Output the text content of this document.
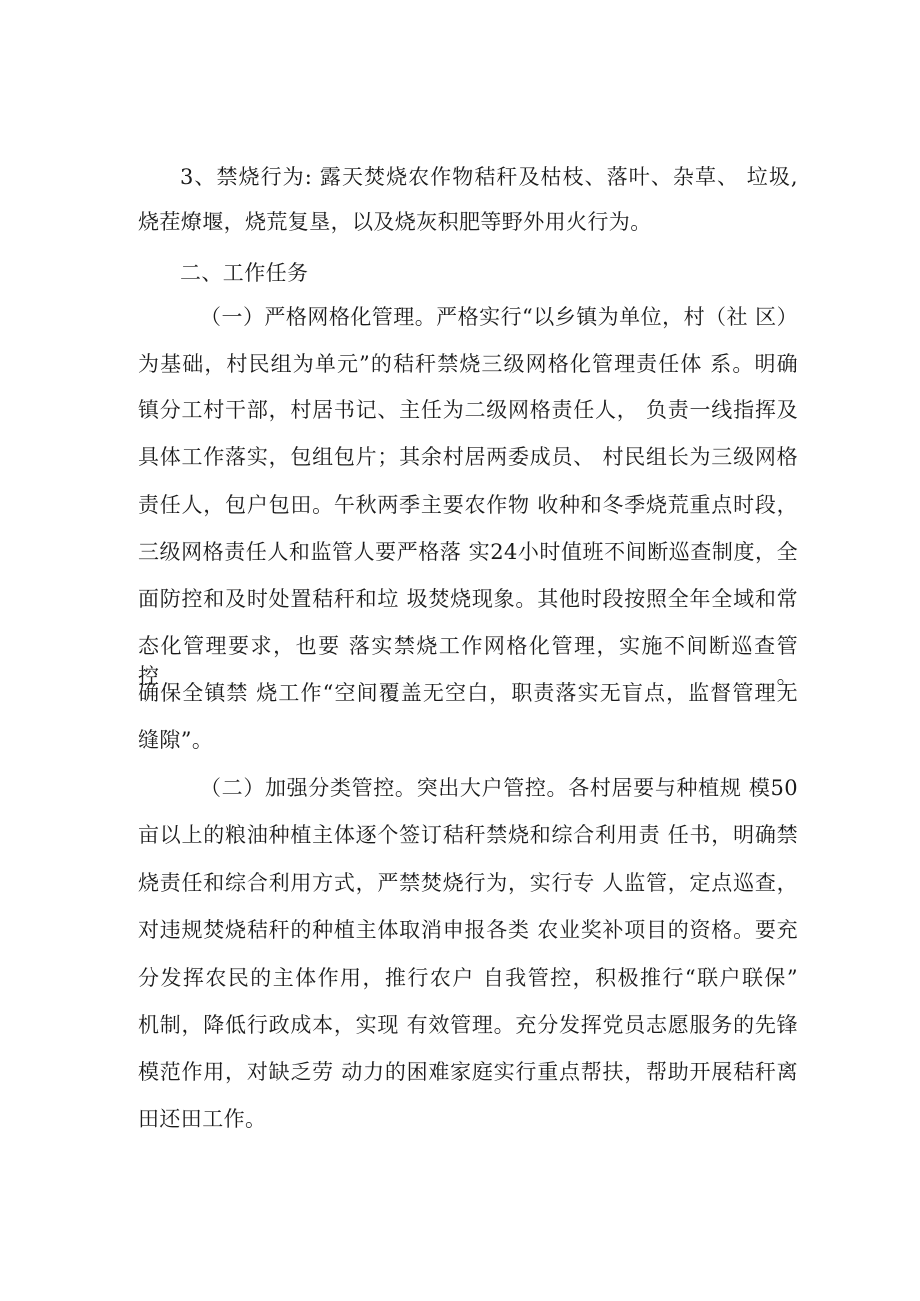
3、禁烧行为: 露天焚烧农作物秸秆及枯枝、落叶、杂草、 垃圾,
烧茬燎堰，烧荒复垦，以及烧灰积肥等野外用火行为。
二、工作任务
（一）严格网格化管理。严格实行“以乡镇为单位，村（社 区）
为基础，村民组为单元”的秸秆禁烧三级网格化管理责任体 系。明确
镇分工村干部，村居书记、主任为二级网格责任人， 负责一线指挥及
具体工作落实，包组包片；其余村居两委成员、 村民组长为三级网格
责任人，包户包田。午秋两季主要农作物 收种和冬季烧荒重点时段，
三级网格责任人和监管人要严格落 实24小时值班不间断巡查制度，全
面防控和及时处置秸秆和垃 圾焚烧现象。其他时段按照全年全域和常
态化管理要求，也要 落实禁烧工作网格化管理，实施不间断巡查管控。
确保全镇禁 烧工作“空间覆盖无空白，职责落实无盲点，监督管理无
缝隙”。
（二）加强分类管控。突出大户管控。各村居要与种植规 模50
亩以上的粮油种植主体逐个签订秸秆禁烧和综合利用责 任书，明确禁
烧责任和综合利用方式，严禁焚烧行为，实行专 人监管，定点巡查，
对违规焚烧秸秆的种植主体取消申报各类 农业奖补项目的资格。要充
分发挥农民的主体作用，推行农户 自我管控，积极推行“联户联保”
机制，降低行政成本，实现 有效管理。充分发挥党员志愿服务的先锋
模范作用，对缺乏劳 动力的困难家庭实行重点帮扶，帮助开展秸秆离
田还田工作。
